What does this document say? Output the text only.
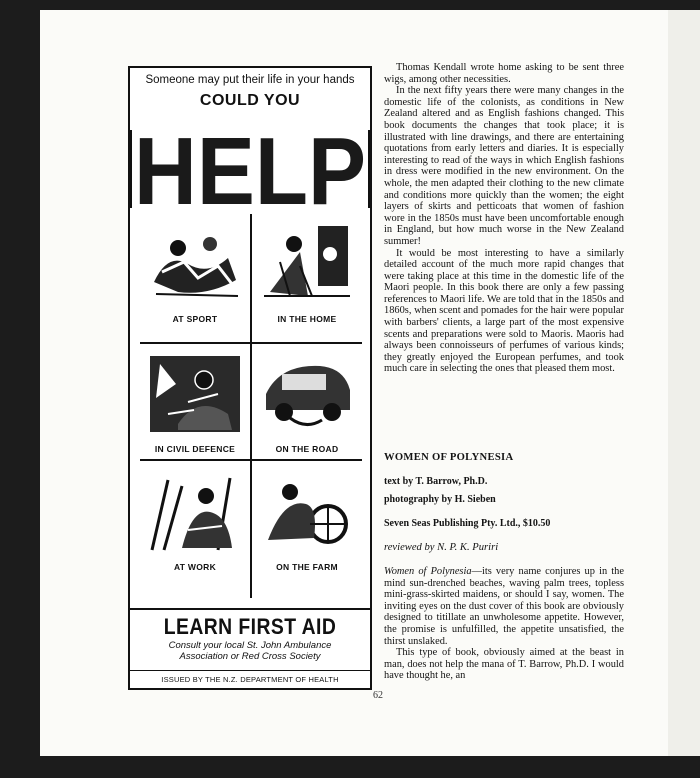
Someone may put their life in your hands
COULD YOU
HELP
AT SPORT	IN THE HOME
IN CIVIL DEFENCE	ON THE ROAD
AT WORK	ON THE FARM
LEARN FIRST AID
Consult your local St. John Ambulance
Association or Red Cross Society
ISSUED BY THE N.Z. DEPARTMENT OF HEALTH

Thomas Kendall wrote home asking to be sent three wigs, among other necessities.

In the next fifty years there were many changes in the domestic life of the colonists, as conditions in New Zealand altered and as English fashions changed. This book documents the changes that took place; it is illustrated with line drawings, and there are entertaining quotations from early letters and diaries. It is especially interesting to read of the ways in which English fashions in dress were modified in the new environment. On the whole, the men adapted their clothing to the new climate and conditions more quickly than the women; the eight layers of skirts and petticoats that women of fashion wore in the 1850s must have been uncomfortable enough in England, but how much worse in the New Zealand summer!

It would be most interesting to have a similarly detailed account of the much more rapid changes that were taking place at this time in the domestic life of the Maori people. In this book there are only a few passing references to Maori life. We are told that in the 1850s and 1860s, when scent and pomades for the hair were popular with barbers' clients, a large part of the most expensive scents and preparations were sold to Maoris. Maoris had always been connoisseurs of perfumes of various kinds; they greatly enjoyed the European perfumes, and took much care in selecting the ones that pleased them most.

WOMEN OF POLYNESIA
text by T. Barrow, Ph.D.
photography by H. Sieben
Seven Seas Publishing Pty. Ltd., $10.50
reviewed by N. P. K. Puriri

Women of Polynesia—its very name conjures up in the mind sun-drenched beaches, waving palm trees, topless mini-grass-skirted maidens, or should I say, women. The inviting eyes on the dust cover of this book are obviously designed to titillate an unwholesome appetite. However, the promise is unfulfilled, the appetite unsatisfied, the thirst unslaked.

This type of book, obviously aimed at the beast in man, does not help the mana of T. Barrow, Ph.D. I would have thought he, an

62
